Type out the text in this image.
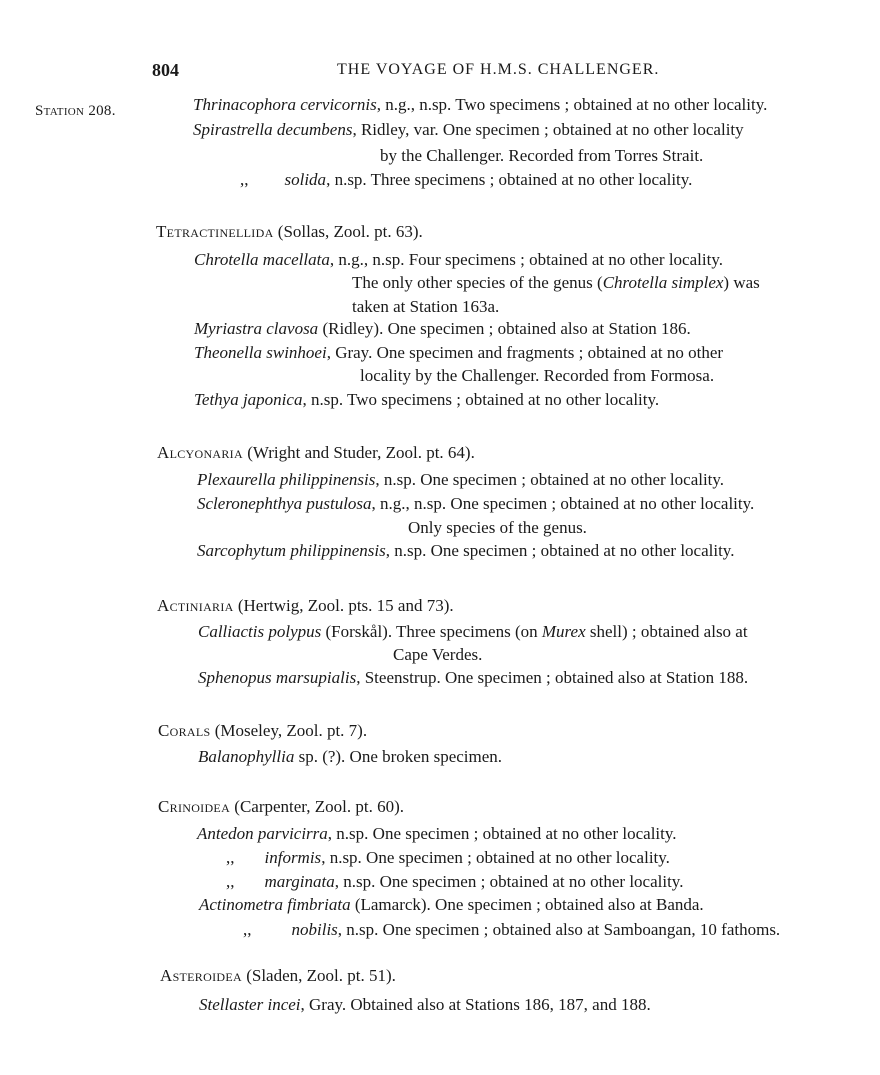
804	THE VOYAGE OF H.M.S. CHALLENGER.
Station 208.	Thrinacophora cervicornis, n.g., n.sp. Two specimens ; obtained at no other locality.
Spirastrella decumbens, Ridley, var. One specimen ; obtained at no other locality
by the Challenger. Recorded from Torres Strait.
,, solida, n.sp. Three specimens ; obtained at no other locality.
Tetractinellida (Sollas, Zool. pt. 63).
Chrotella macellata, n.g., n.sp. Four specimens ; obtained at no other locality.
The only other species of the genus (Chrotella simplex) was
taken at Station 163a.
Myriastra clavosa (Ridley). One specimen ; obtained also at Station 186.
Theonella swinhoei, Gray. One specimen and fragments ; obtained at no other
locality by the Challenger. Recorded from Formosa.
Tethya japonica, n.sp. Two specimens ; obtained at no other locality.
Alcyonaria (Wright and Studer, Zool. pt. 64).
Plexaurella philippinensis, n.sp. One specimen ; obtained at no other locality.
Scleronephthya pustulosa, n.g., n.sp. One specimen ; obtained at no other locality.
Only species of the genus.
Sarcophytum philippinensis, n.sp. One specimen ; obtained at no other locality.
Actiniaria (Hertwig, Zool. pts. 15 and 73).
Calliactis polypus (Forskål). Three specimens (on Murex shell) ; obtained also at
Cape Verdes.
Sphenopus marsupialis, Steenstrup. One specimen ; obtained also at Station 188.
Corals (Moseley, Zool. pt. 7).
Balanophyllia sp. (?). One broken specimen.
Crinoidea (Carpenter, Zool. pt. 60).
Antedon parvicirra, n.sp. One specimen ; obtained at no other locality.
,, informis, n.sp. One specimen ; obtained at no other locality.
,, marginata, n.sp. One specimen ; obtained at no other locality.
Actinometra fimbriata (Lamarck). One specimen ; obtained also at Banda.
,, nobilis, n.sp. One specimen ; obtained also at Samboangan, 10 fathoms.
Asteroidea (Sladen, Zool. pt. 51).
Stellaster incei, Gray. Obtained also at Stations 186, 187, and 188.
